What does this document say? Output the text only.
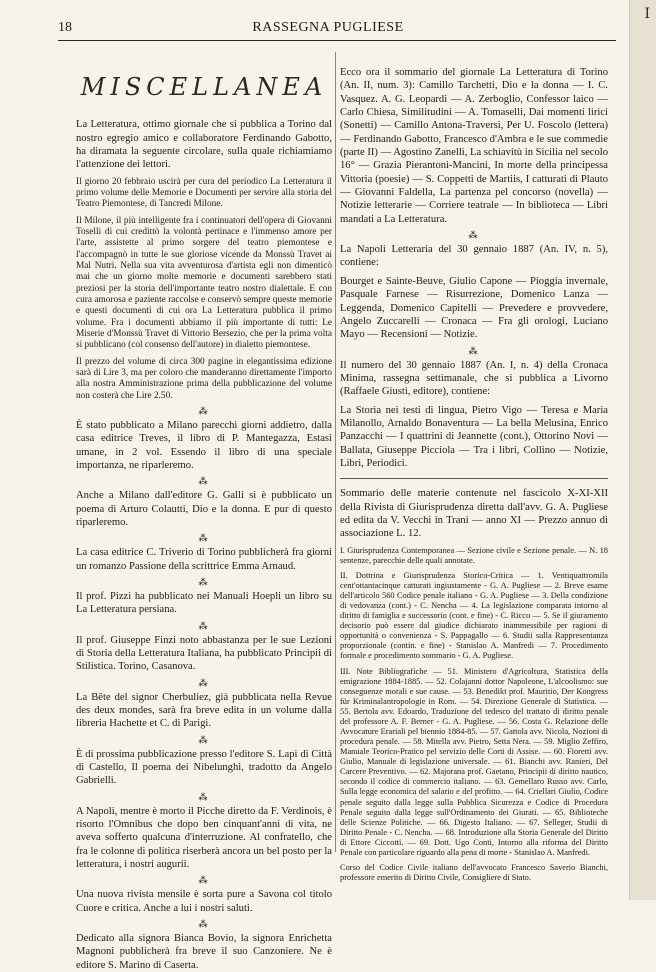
18	RASSEGNA PUGLIESE
MISCELLANEA

La Letteratura, ottimo giornale che si pubblica a Torino dal nostro egregio amico e collaboratore Ferdinando Gabotto, ha diramata la seguente circolare, sulla quale richiamiamo l'attenzione dei lettori.

Il giorno 20 febbraio uscirà per cura del periodico La Letteratura il primo volume delle Memorie e Documenti per servire alla storia del Teatro Piemontese, di Tancredi Milone.

Il Milone, il più intelligente fra i continuatori dell'opera di Giovanni Toselli di cui credittò la volontà pertinace e l'immenso amore per l'arte, assistette al primo sorgere del teatro piemontese e l'accompagnò in tutte le sue gloriose vicende da Monssù Travet ai Mal Nutri. Nella sua vita avventurosa d'artista egli non dimenticò mai che un giorno molte memorie e documenti sarebbero stati preziosi per la storia dell'importante teatro nostro dialettale. E con cura amorosa e paziente raccolse e conservò sempre queste memorie e questi documenti di cui ora La Letteratura pubblica il primo volume. Fra i documenti abbiamo il più importante di tutti: Le Miserie d'Monssù Travet di Vittorio Bersezio, che per la prima volta si pubblicano (col consenso dell'autore) in dialetto piemontese.

Il prezzo del volume di circa 300 pagine in elegantissima edizione sarà di Lire 3, ma per coloro che manderanno direttamente l'importo alla nostra Amministrazione prima della pubblicazione del volume non costerà che Lire 2.50.

⁂

È stato pubblicato a Milano parecchi giorni addietro, dalla casa editrice Treves, il libro di P. Mantegazza, Estasi umane, in 2 vol. Essendo il libro di una speciale importanza, ne riparleremo.

⁂

Anche a Milano dall'editore G. Galli si è pubblicato un poema di Arturo Colautti, Dio e la donna. E pur di questo riparleremo.

⁂

La casa editrice C. Triverio di Torino pubblicherà fra giorni un romanzo Passione della scrittrice Emma Arnaud.

⁂

Il prof. Pizzi ha pubblicato nei Manuali Hoepli un libro su La Letteratura persiana.

⁂

Il prof. Giuseppe Finzi noto abbastanza per le sue Lezioni di Storia della Letteratura Italiana, ha pubblicato Principii di Stilistica. Torino, Casanova.

⁂

La Bête del signor Cherbuliez, già pubblicata nella Revue des deux mondes, sarà fra breve edita in un volume dalla libreria Hachette et C. di Parigi.

⁂

È di prossima pubblicazione presso l'editore S. Lapi di Città di Castello, Il poema dei Nibelunghi, tradotto da Angelo Gabrielli.

⁂

A Napoli, mentre è morto il Picche diretto da F. Verdinois, è risorto l'Omnibus che dopo ben cinquant'anni di vita, ne aveva sofferto qualcuna d'interruzione. Al confratello, che fra le colonne di politica riserberà ancora un bel posto per la letteratura, i nostri augurii.

⁂

Una nuova rivista mensile è sorta pure a Savona col titolo Cuore e critica. Anche a lui i nostri saluti.

⁂

Dedicato alla signora Bianca Bovio, la signora Enrichetta Magnoni pubblicherà fra breve il suo Canzoniere. Ne è editore S. Marino di Caserta.

Ecco ora il sommario del giornale La Letteratura di Torino (An. II, num. 3): Camillo Tarchetti, Dio e la donna — I. C. Vasquez. A. G. Leopardi — A. Zerboglio, Confessor laico — Carlo Chiesa, Similitudini — A. Tomaselli, Dai momenti lirici (Sonetti) — Camillo Antona-Traversi, Per U. Foscolo (lettera) — Ferdinando Gabotto, Francesco d'Ambra e le sue commedie (parte II) — Agostino Zanelli, La schiavitù in Sicilia nel secolo 16° — Grazia Pierantoni-Mancini, In morte della principessa Vittoria (poesie) — S. Coppetti de Martiis, I catturati di Plauto — Giovanni Faldella, La partenza pel concorso (novella) — Notizie letterarie — Corriere teatrale — In biblioteca — Libri mandati a La Letteratura.

⁂

La Napoli Letteraria del 30 gennaio 1887 (An. IV, n. 5), contiene:

Bourget e Sainte-Beuve, Giulio Capone — Pioggia invernale, Pasquale Farnese — Risurrezione, Domenico Lanza — Leggenda, Domenico Capitelli — Prevedere e provvedere, Angelo Zuccarelli — Cronaca — Fra gli orologi, Luciano Mayo — Recensioni — Notizie.

⁂

Il numero del 30 gennaio 1887 (An. I, n. 4) della Cronaca Minima, rassegna settimanale, che si pubblica a Livorno (Raffaele Giusti, editore), contiene:

La Storia nei testi di lingua, Pietro Vigo — Teresa e Maria Milanollo, Arnaldo Bonaventura — La bella Melusina, Enrico Panzacchi — I quattrini di Jeannette (cont.), Ottorino Novi — Ballata, Giuseppe Picciola — Tra i libri, Collino — Notizie, Libri, Periodici.

Sommario delle materie contenute nel fascicolo X-XI-XII della Rivista di Giurisprudenza diretta dall'avv. G. A. Pugliese ed edita da V. Vecchi in Trani — anno XI — Prezzo annuo di associazione L. 12.

I. Giurisprudenza Contemporanea — Sezione civile e Sezione penale. — N. 18 sentenze, parecchie delle quali annotate.

II. Dottrina e Giurisprudenza Storico-Critica — 1. Ventiquattromila cent'ottantacinque catturati ingiustamente - G. A. Pugliese — 2. Breve esame dell'articolo 560 Codice penale italiano - G. A. Pugliese — 3. Della condizione di vedovanza (cont.) - C. Nencha — 4. La legislazione comparata intorno al diritto di famiglia e successorio (cont. e fine) - C. Ricco — 5. Se il giuramento decisorio può essere dal giudice dichiarato inammessibile per ragioni di opportunità o convenienza - S. Pappagallo — 6. Studii sulla Rappresentanza proporzionale (contin. e fine) - Stanislao A. Manfredi — 7. Procedimento formale e procedimento sommario - G. A. Pugliese.

III. Note Bibliografiche — 51. Ministero d'Agricoltura, Statistica della emigrazione 1884-1885. — 52. Colajanni dottor Napoleone, L'alcoolismo: sue conseguenze morali e sue cause. — 53. Benedikt prof. Mauritio, Der Kongress für Kriminalantropologie in Rom. — 54. Direzione Generale di Statistica. — 55. Bertola avv. Edoardo, Traduzione del tedesco del trattato di diritto penale del professore A. F. Berner - G. A. Pugliese. — 56. Costa G. Relazione delle Avvocature Erariali pel biennio 1884-85. — 57. Gattola avv. Nicola, Nozioni di procedura penale. — 58. Mitella avv. Pietro, Setta Nera. — 59. Miglio Zeffiro, Manuale Teorico-Pratico pel servizio delle Corti di Assise. — 60. Fioretti avv. Giulio, Manuale di legislazione universale. — 61. Bianchi avv. Ranieri, Del Carcere Preventivo. — 62. Majorana prof. Gaetano, Principii di diritto nautico, secondo il codice di commercio italiano. — 63. Gemellaro Russo avv. Carlo, Sulla legge economica del salario e del profitto. — 64. Criellari Giulio, Codice penale seguito dalla legge sulla Pubblica Sicurezza e Codice di Procedura Penale seguito dalla legge sull'Ordinamento dei Giurati. — 65. Biblioteche delle Scienze Politiche. — 66. Digesto Italiano. — 67. Selleger, Studii di Diritto Penale - C. Nencha. — 68. Introduzione alla Storia Generale del Diritto di Ettore Ciccotti. — 69. Dott. Ugo Conti, Intorno alla riforma del Diritto Penale con particolare riguardo alla pena di morte - Stanislao A. Manfredi.

Corso del Codice Civile italiano dell'avvocato Francesco Saverio Bianchi, professore emerito di Diritto Civile, Consigliere di Stato.

Ⅰ
